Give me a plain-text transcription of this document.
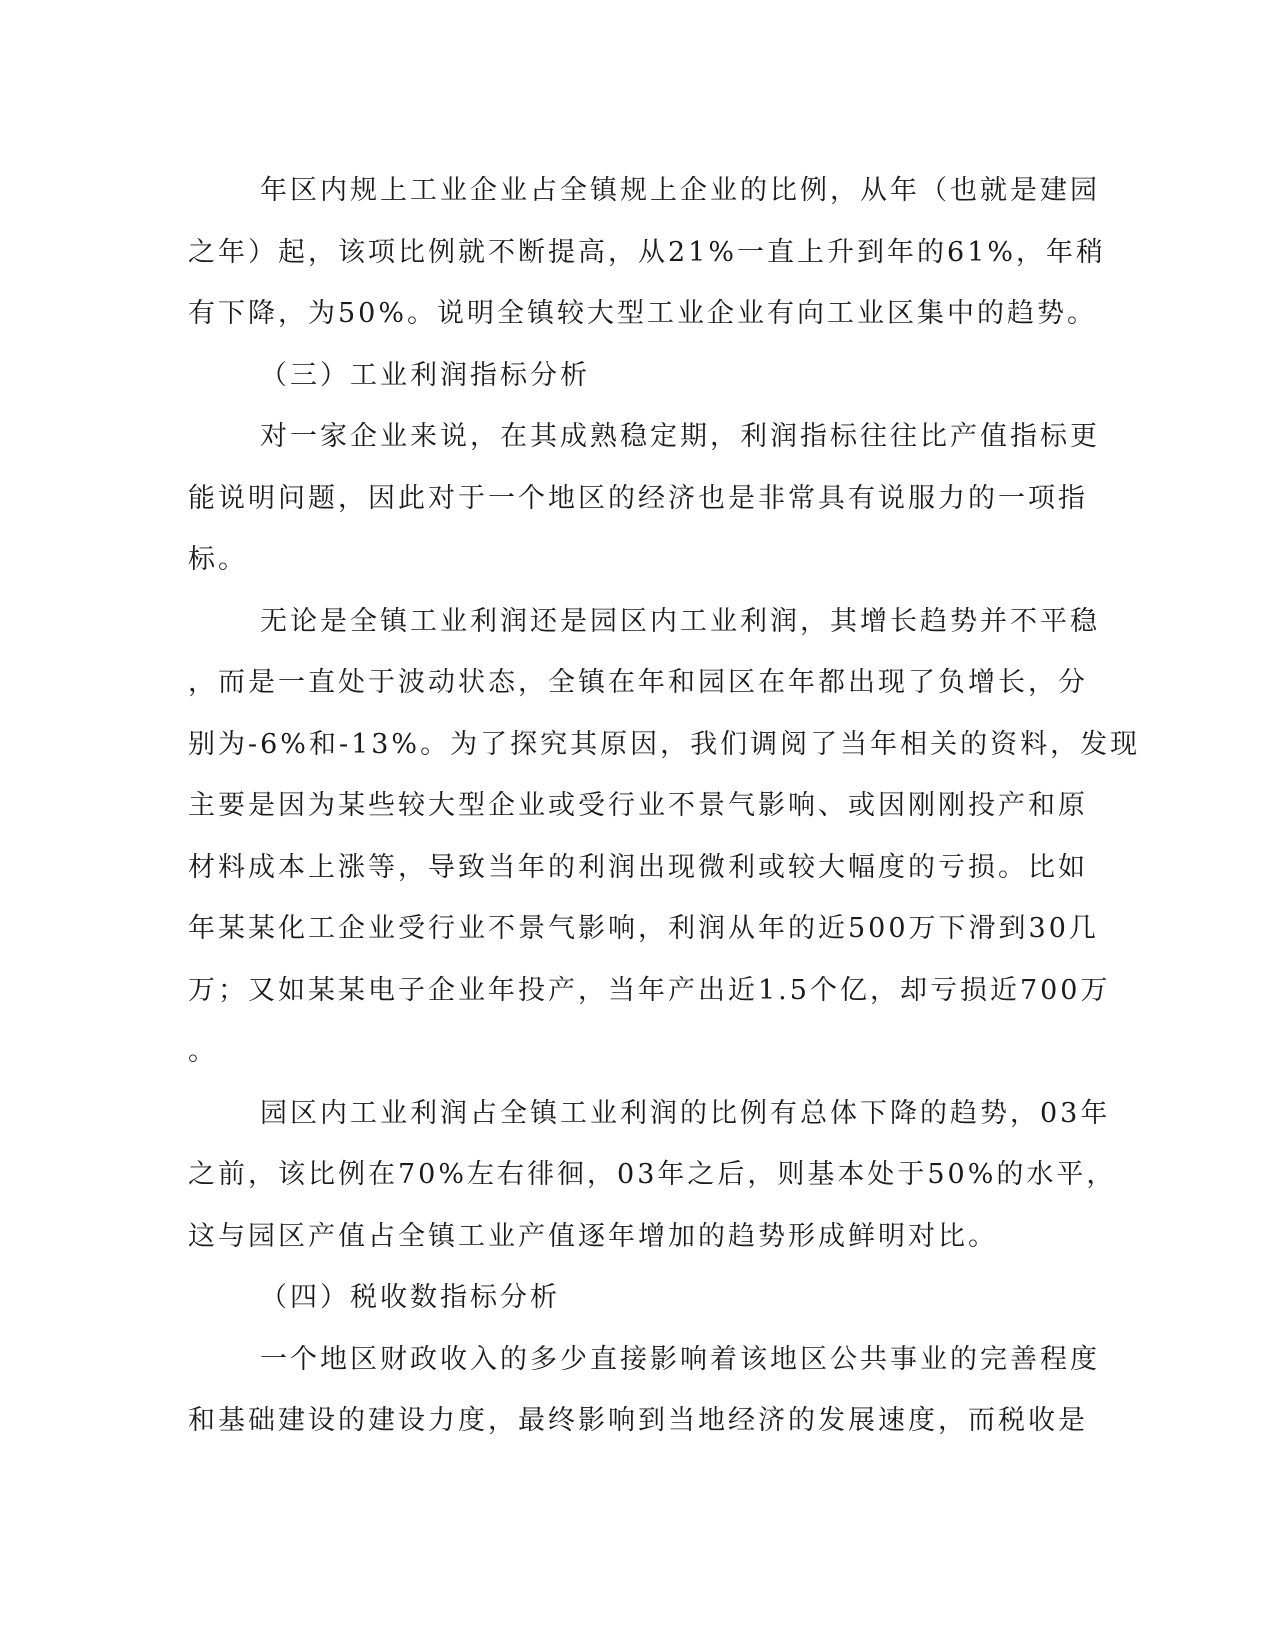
年区内规上工业企业占全镇规上企业的比例，从年（也就是建园
之年）起，该项比例就不断提高，从21%一直上升到年的61%，年稍
有下降，为50%。说明全镇较大型工业企业有向工业区集中的趋势。
（三）工业利润指标分析
对一家企业来说，在其成熟稳定期，利润指标往往比产值指标更
能说明问题，因此对于一个地区的经济也是非常具有说服力的一项指
标。
无论是全镇工业利润还是园区内工业利润，其增长趋势并不平稳
，而是一直处于波动状态，全镇在年和园区在年都出现了负增长，分
别为-6%和-13%。为了探究其原因，我们调阅了当年相关的资料，发现
主要是因为某些较大型企业或受行业不景气影响、或因刚刚投产和原
材料成本上涨等，导致当年的利润出现微利或较大幅度的亏损。比如
年某某化工企业受行业不景气影响，利润从年的近500万下滑到30几
万；又如某某电子企业年投产，当年产出近1.5个亿，却亏损近700万
。
园区内工业利润占全镇工业利润的比例有总体下降的趋势，03年
之前，该比例在70%左右徘徊，03年之后，则基本处于50%的水平，
这与园区产值占全镇工业产值逐年增加的趋势形成鲜明对比。
（四）税收数指标分析
一个地区财政收入的多少直接影响着该地区公共事业的完善程度
和基础建设的建设力度，最终影响到当地经济的发展速度，而税收是
